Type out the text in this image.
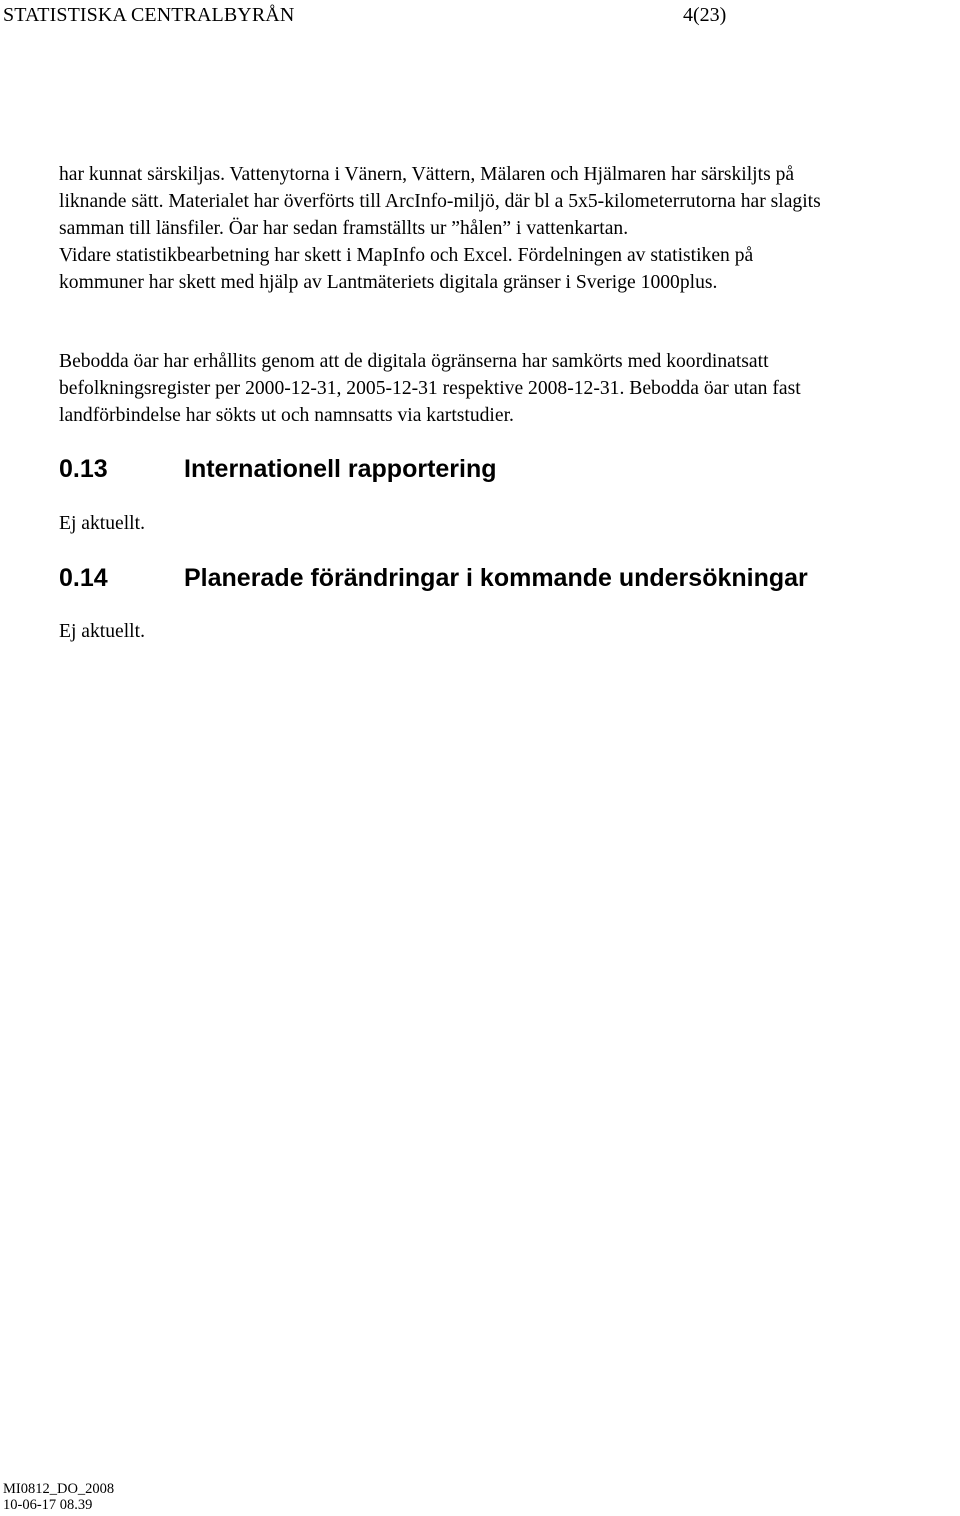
STATISTISKA CENTRALBYRÅN	4(23)
har kunnat särskiljas. Vattenytorna i Vänern, Vättern, Mälaren och Hjälmaren har särskiljts på
liknande sätt. Materialet har överförts till ArcInfo-miljö, där bl a 5x5-kilometerrutorna har slagits
samman till länsfiler. Öar har sedan framställts ur ”hålen” i vattenkartan.
Vidare statistikbearbetning har skett i MapInfo och Excel. Fördelningen av statistiken på
kommuner har skett med hjälp av Lantmäteriets digitala gränser i Sverige 1000plus.
Bebodda öar har erhållits genom att de digitala ögränserna har samkörts med koordinatsatt
befolkningsregister per 2000-12-31, 2005-12-31 respektive 2008-12-31. Bebodda öar utan fast
landförbindelse har sökts ut och namnsatts via kartstudier.
0.13	Internationell rapportering

Ej aktuellt.

0.14	Planerade förändringar i kommande undersökningar

Ej aktuellt.

MI0812_DO_2008
10-06-17 08.39
